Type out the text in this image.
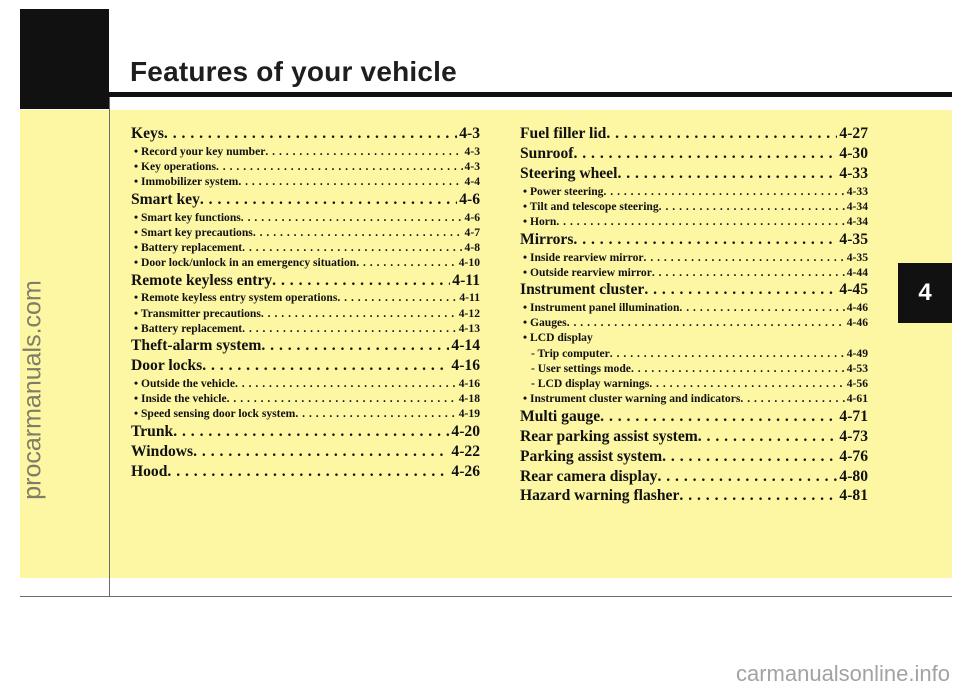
Features of your vehicle
4
Keys . . .	4-3
• Record your key number . . .	4-3
• Key operations . . .	4-3
• Immobilizer system . . .	4-4
Smart key . . .	4-6
• Smart key functions . . .	4-6
• Smart key precautions . . .	4-7
• Battery replacement . . .	4-8
• Door lock/unlock in an emergency situation . . .	4-10
Remote keyless entry . . .	4-11
• Remote keyless entry system operations . . .	4-11
• Transmitter precautions . . .	4-12
• Battery replacement . . .	4-13
Theft-alarm system . . .	4-14
Door locks . . .	4-16
• Outside the vehicle . . .	4-16
• Inside the vehicle . . .	4-18
• Speed sensing door lock system . . .	4-19
Trunk . . .	4-20
Windows . . .	4-22
Hood . . .	4-26
Fuel filler lid . . .	4-27
Sunroof . . .	4-30
Steering wheel . . .	4-33
• Power steering . . .	4-33
• Tilt and telescope steering . . .	4-34
• Horn . . .	4-34
Mirrors . . .	4-35
• Inside rearview mirror . . .	4-35
• Outside rearview mirror . . .	4-44
Instrument cluster . . .	4-45
• Instrument panel illumination . . .	4-46
• Gauges . . .	4-46
• LCD display
- Trip computer . . .	4-49
- User settings mode . . .	4-53
- LCD display warnings . . .	4-56
• Instrument cluster warning and indicators . . .	4-61
Multi gauge . . .	4-71
Rear parking assist system . . .	4-73
Parking assist system . . .	4-76
Rear camera display . . .	4-80
Hazard warning flasher . . .	4-81
procarmanuals.com
carmanualsonline.info
